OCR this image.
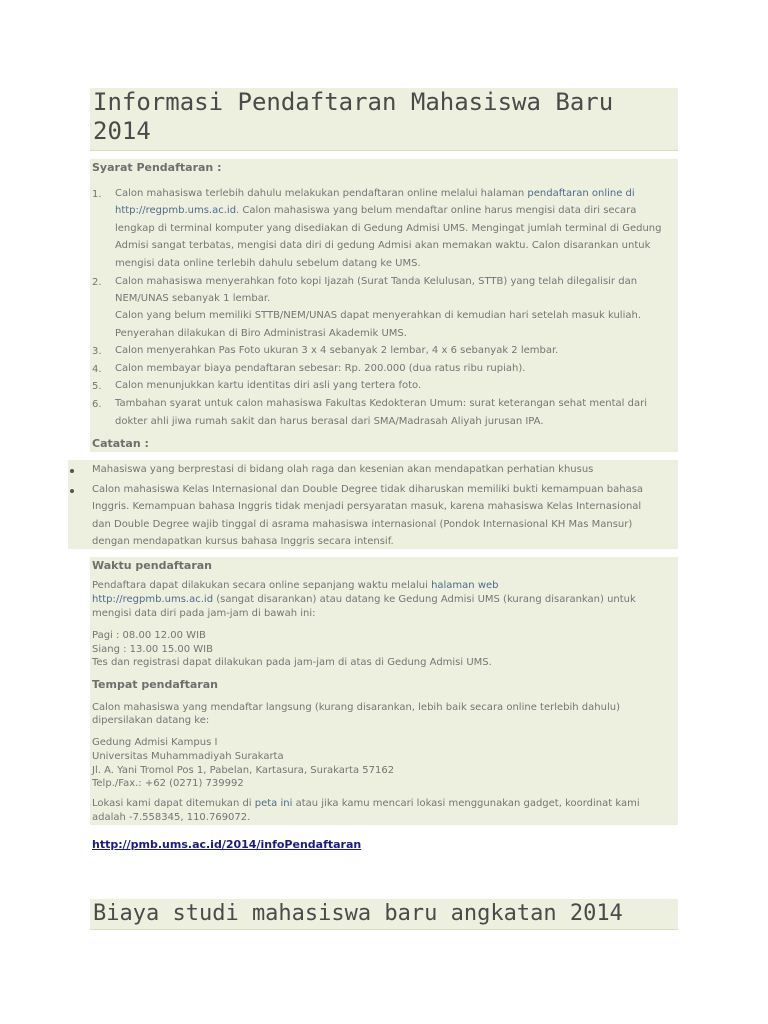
Informasi Pendaftaran Mahasiswa Baru
2014
Syarat Pendaftaran :
1. Calon mahasiswa terlebih dahulu melakukan pendaftaran online melalui halaman pendaftaran online di
http://regpmb.ums.ac.id. Calon mahasiswa yang belum mendaftar online harus mengisi data diri secara
lengkap di terminal komputer yang disediakan di Gedung Admisi UMS. Mengingat jumlah terminal di Gedung
Admisi sangat terbatas, mengisi data diri di gedung Admisi akan memakan waktu. Calon disarankan untuk
mengisi data online terlebih dahulu sebelum datang ke UMS.
2. Calon mahasiswa menyerahkan foto kopi Ijazah (Surat Tanda Kelulusan, STTB) yang telah dilegalisir dan
NEM/UNAS sebanyak 1 lembar.
Calon yang belum memiliki STTB/NEM/UNAS dapat menyerahkan di kemudian hari setelah masuk kuliah.
Penyerahan dilakukan di Biro Administrasi Akademik UMS.
3. Calon menyerahkan Pas Foto ukuran 3 x 4 sebanyak 2 lembar, 4 x 6 sebanyak 2 lembar.
4. Calon membayar biaya pendaftaran sebesar: Rp. 200.000 (dua ratus ribu rupiah).
5. Calon menunjukkan kartu identitas diri asli yang tertera foto.
6. Tambahan syarat untuk calon mahasiswa Fakultas Kedokteran Umum: surat keterangan sehat mental dari
dokter ahli jiwa rumah sakit dan harus berasal dari SMA/Madrasah Aliyah jurusan IPA.
Catatan :
Mahasiswa yang berprestasi di bidang olah raga dan kesenian akan mendapatkan perhatian khusus
Calon mahasiswa Kelas Internasional dan Double Degree tidak diharuskan memiliki bukti kemampuan bahasa
Inggris. Kemampuan bahasa Inggris tidak menjadi persyaratan masuk, karena mahasiswa Kelas Internasional
dan Double Degree wajib tinggal di asrama mahasiswa internasional (Pondok Internasional KH Mas Mansur)
dengan mendapatkan kursus bahasa Inggris secara intensif.
Waktu pendaftaran
Pendaftara dapat dilakukan secara online sepanjang waktu melalui halaman web
http://regpmb.ums.ac.id (sangat disarankan) atau datang ke Gedung Admisi UMS (kurang disarankan) untuk
mengisi data diri pada jam-jam di bawah ini:
Pagi : 08.00 12.00 WIB
Siang : 13.00 15.00 WIB
Tes dan registrasi dapat dilakukan pada jam-jam di atas di Gedung Admisi UMS.
Tempat pendaftaran
Calon mahasiswa yang mendaftar langsung (kurang disarankan, lebih baik secara online terlebih dahulu)
dipersilakan datang ke:
Gedung Admisi Kampus I
Universitas Muhammadiyah Surakarta
Jl. A. Yani Tromol Pos 1, Pabelan, Kartasura, Surakarta 57162
Telp./Fax.: +62 (0271) 739992
Lokasi kami dapat ditemukan di peta ini atau jika kamu mencari lokasi menggunakan gadget, koordinat kami
adalah -7.558345, 110.769072.
http://pmb.ums.ac.id/2014/infoPendaftaran
Biaya studi mahasiswa baru angkatan 2014
